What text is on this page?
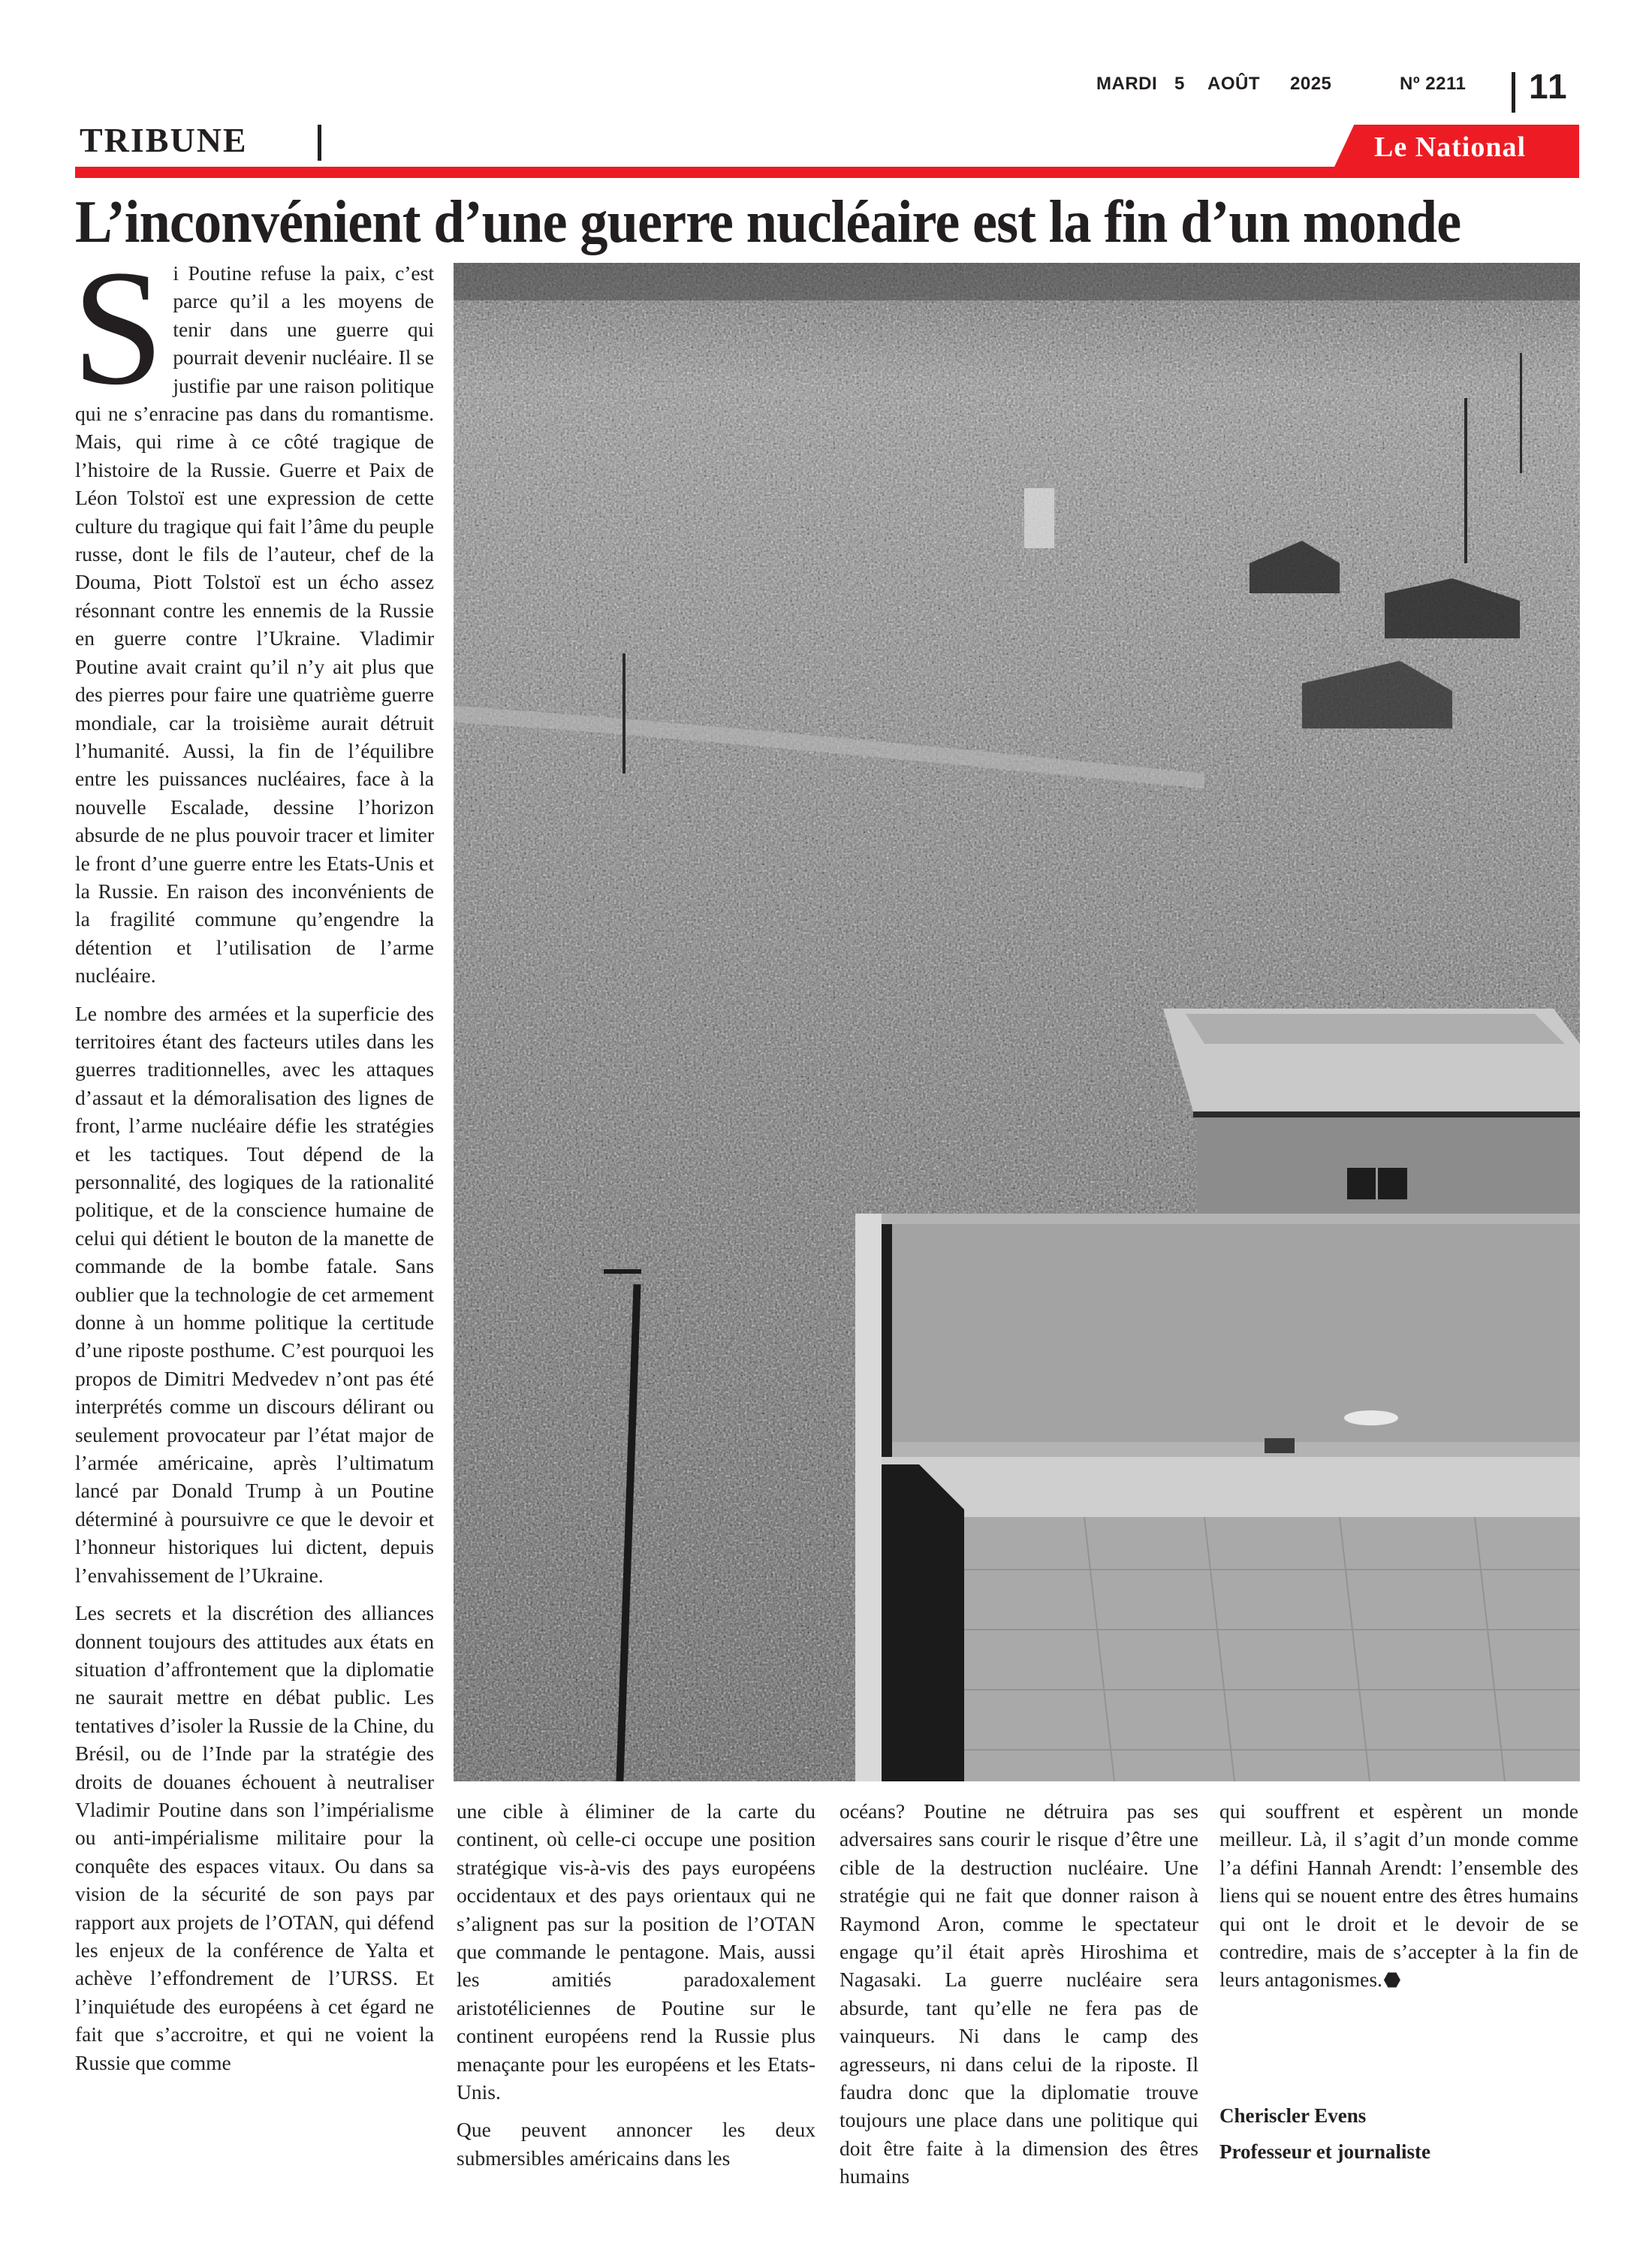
MARDI 5 AOÛT 2025	Nº 2211 11
TRIBUNE	Le National
L’inconvénient d’une guerre nucléaire est la fin d’un monde

Si Poutine refuse la paix, c’est parce qu’il a les moyens de tenir dans une guerre qui pourrait devenir nucléaire. Il se justifie par une raison politique qui ne s’enracine pas dans du romantisme. Mais, qui rime à ce côté tragique de l’histoire de la Russie. Guerre et Paix de Léon Tolstoï est une expression de cette culture du tragique qui fait l’âme du peuple russe, dont le fils de l’auteur, chef de la Douma, Piott Tolstoï est un écho assez résonnant contre les ennemis de la Russie en guerre contre l’Ukraine. Vladimir Poutine avait craint qu’il n’y ait plus que des pierres pour faire une quatrième guerre mondiale, car la troisième aurait détruit l’humanité. Aussi, la fin de l’équilibre entre les puissances nucléaires, face à la nouvelle Escalade, dessine l’horizon absurde de ne plus pouvoir tracer et limiter le front d’une guerre entre les Etats-Unis et la Russie. En raison des inconvénients de la fragilité commune qu’engendre la détention et l’utilisation de l’arme nucléaire.

Le nombre des armées et la superficie des territoires étant des facteurs utiles dans les guerres traditionnelles, avec les attaques d’assaut et la démoralisation des lignes de front, l’arme nucléaire défie les stratégies et les tactiques. Tout dépend de la personnalité, des logiques de la rationalité politique, et de la conscience humaine de celui qui détient le bouton de la manette de commande de la bombe fatale. Sans oublier que la technologie de cet armement donne à un homme politique la certitude d’une riposte posthume. C’est pourquoi les propos de Dimitri Medvedev n’ont pas été interprétés comme un discours délirant ou seulement provocateur par l’état major de l’armée américaine, après l’ultimatum lancé par Donald Trump à un Poutine déterminé à poursuivre ce que le devoir et l’honneur historiques lui dictent, depuis l’envahissement de l’Ukraine.

Les secrets et la discrétion des alliances donnent toujours des attitudes aux états en situation d’affrontement que la diplomatie ne saurait mettre en débat public. Les tentatives d’isoler la Russie de la Chine, du Brésil, ou de l’Inde par la stratégie des droits de douanes échouent à neutraliser Vladimir Poutine dans son l’impérialisme ou anti-impérialisme militaire pour la conquête des espaces vitaux. Ou dans sa vision de la sécurité de son pays par rapport aux projets de l’OTAN, qui défend les enjeux de la conférence de Yalta et achève l’effondrement de l’URSS. Et l’inquiétude des européens à cet égard ne fait que s’accroitre, et qui ne voient la Russie que comme

une cible à éliminer de la carte du continent, où celle-ci occupe une position stratégique vis-à-vis des pays européens occidentaux et des pays orientaux qui ne s’alignent pas sur la position de l’OTAN que commande le pentagone. Mais, aussi les amitiés paradoxalement aristotéliciennes de Poutine sur le continent européens rend la Russie plus menaçante pour les européens et les Etats-Unis.

Que peuvent annoncer les deux submersibles américains dans les

océans? Poutine ne détruira pas ses adversaires sans courir le risque d’être une cible de la destruction nucléaire. Une stratégie qui ne fait que donner raison à Raymond Aron, comme le spectateur engage qu’il était après Hiroshima et Nagasaki. La guerre nucléaire sera absurde, tant qu’elle ne fera pas de vainqueurs. Ni dans le camp des agresseurs, ni dans celui de la riposte. Il faudra donc que la diplomatie trouve toujours une place dans une politique qui doit être faite à la dimension des êtres humains

qui souffrent et espèrent un monde meilleur. Là, il s’agit d’un monde comme l’a défini Hannah Arendt: l’ensemble des liens qui se nouent entre des êtres humains qui ont le droit et le devoir de se contredire, mais de s’accepter à la fin de leurs antagonismes.

Cheriscler Evens
Professeur et journaliste
